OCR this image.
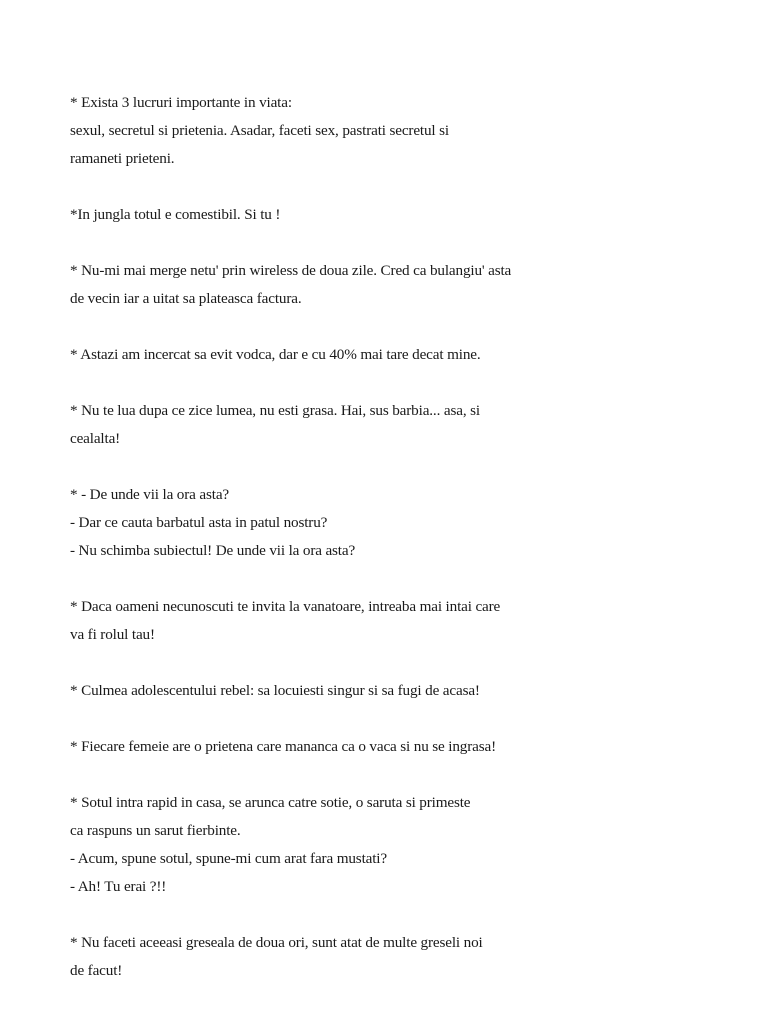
* Exista 3 lucruri importante in viata:
sexul, secretul si prietenia. Asadar, faceti sex, pastrati secretul si
ramaneti prieteni.
*In jungla totul e comestibil. Si tu !
* Nu-mi mai merge netu' prin wireless de doua zile. Cred ca bulangiu' asta
de vecin iar a uitat sa plateasca factura.
* Astazi am incercat sa evit vodca, dar e cu 40% mai tare decat mine.
* Nu te lua dupa ce zice lumea, nu esti grasa. Hai, sus barbia... asa, si
cealalta!
* - De unde vii la ora asta?
- Dar ce cauta barbatul asta in patul nostru?
- Nu schimba subiectul! De unde vii la ora asta?
* Daca oameni necunoscuti te invita la vanatoare, intreaba mai intai care
va fi rolul tau!
* Culmea adolescentului rebel: sa locuiesti singur si sa fugi de acasa!
* Fiecare femeie are o prietena care mananca ca o vaca si nu se ingrasa!
* Sotul intra rapid in casa, se arunca catre sotie, o saruta si primeste
ca raspuns un sarut fierbinte.
- Acum, spune sotul, spune-mi cum arat fara mustati?
- Ah! Tu erai ?!!
* Nu faceti aceeasi greseala de doua ori, sunt atat de multe greseli noi
de facut!
